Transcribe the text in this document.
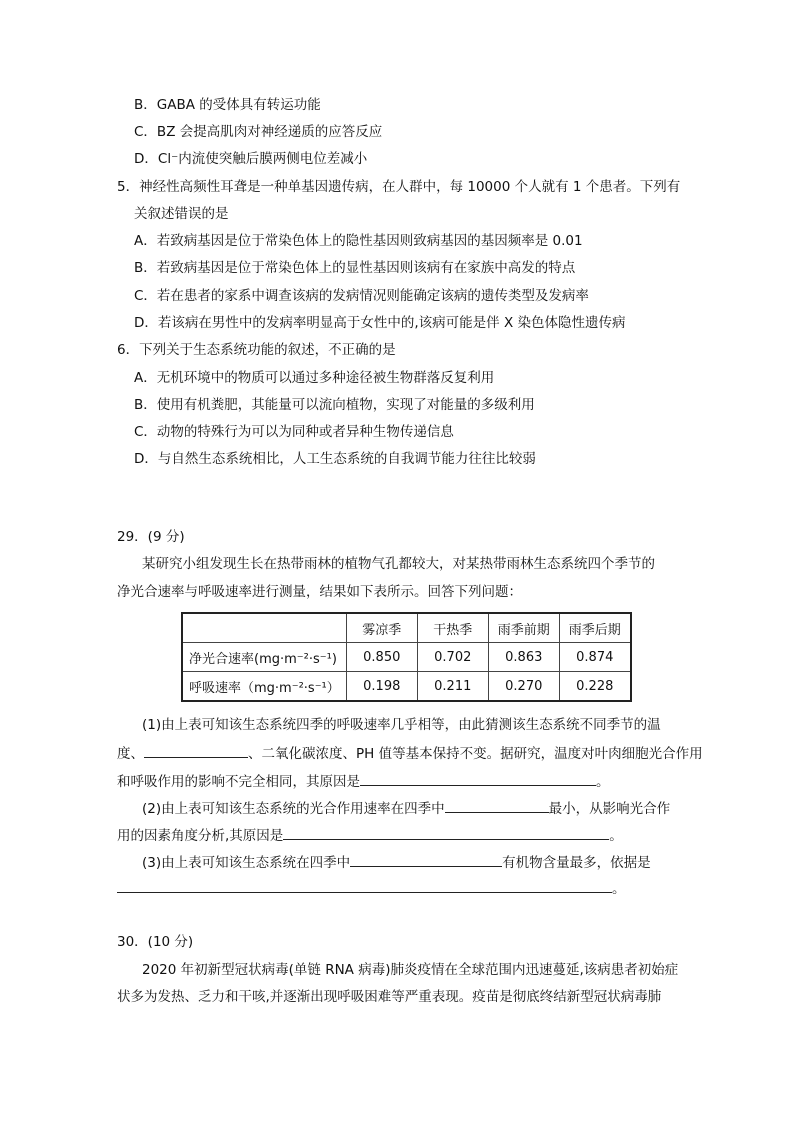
B．GABA 的受体具有转运功能
C．BZ 会提高肌肉对神经递质的应答反应
D．Cl⁻内流使突触后膜两侧电位差减小
5．神经性高频性耳聋是一种单基因遗传病，在人群中，每 10000 个人就有 1 个患者。下列有
关叙述错误的是
A．若致病基因是位于常染色体上的隐性基因则致病基因的基因频率是 0.01
B．若致病基因是位于常染色体上的显性基因则该病有在家族中高发的特点
C．若在患者的家系中调查该病的发病情况则能确定该病的遗传类型及发病率
D．若该病在男性中的发病率明显高于女性中的,该病可能是伴 X 染色体隐性遗传病
6．下列关于生态系统功能的叙述，不正确的是
A．无机环境中的物质可以通过多种途径被生物群落反复利用
B．使用有机粪肥，其能量可以流向植物，实现了对能量的多级利用
C．动物的特殊行为可以为同种或者异种生物传递信息
D．与自然生态系统相比，人工生态系统的自我调节能力往往比较弱
29．(9 分)
某研究小组发现生长在热带雨林的植物气孔都较大，对某热带雨林生态系统四个季节的
净光合速率与呼吸速率进行测量，结果如下表所示。回答下列问题：
	雾凉季	干热季	雨季前期	雨季后期
净光合速率(mg·m⁻²·s⁻¹)	0.850	0.702	0.863	0.874
呼吸速率（mg·m⁻²·s⁻¹）	0.198	0.211	0.270	0.228
(1)由上表可知该生态系统四季的呼吸速率几乎相等，由此猜测该生态系统不同季节的温
度、	、二氧化碳浓度、PH 值等基本保持不变。据研究，温度对叶肉细胞光合作用
和呼吸作用的影响不完全相同，其原因是	。
(2)由上表可知该生态系统的光合作用速率在四季中	最小，从影响光合作
用的因素角度分析,其原因是	。
(3)由上表可知该生态系统在四季中	有机物含量最多，依据是
。
30．(10 分)
2020 年初新型冠状病毒(单链 RNA 病毒)肺炎疫情在全球范围内迅速蔓延,该病患者初始症
状多为发热、乏力和干咳,并逐渐出现呼吸困难等严重表现。疫苗是彻底终结新型冠状病毒肺
